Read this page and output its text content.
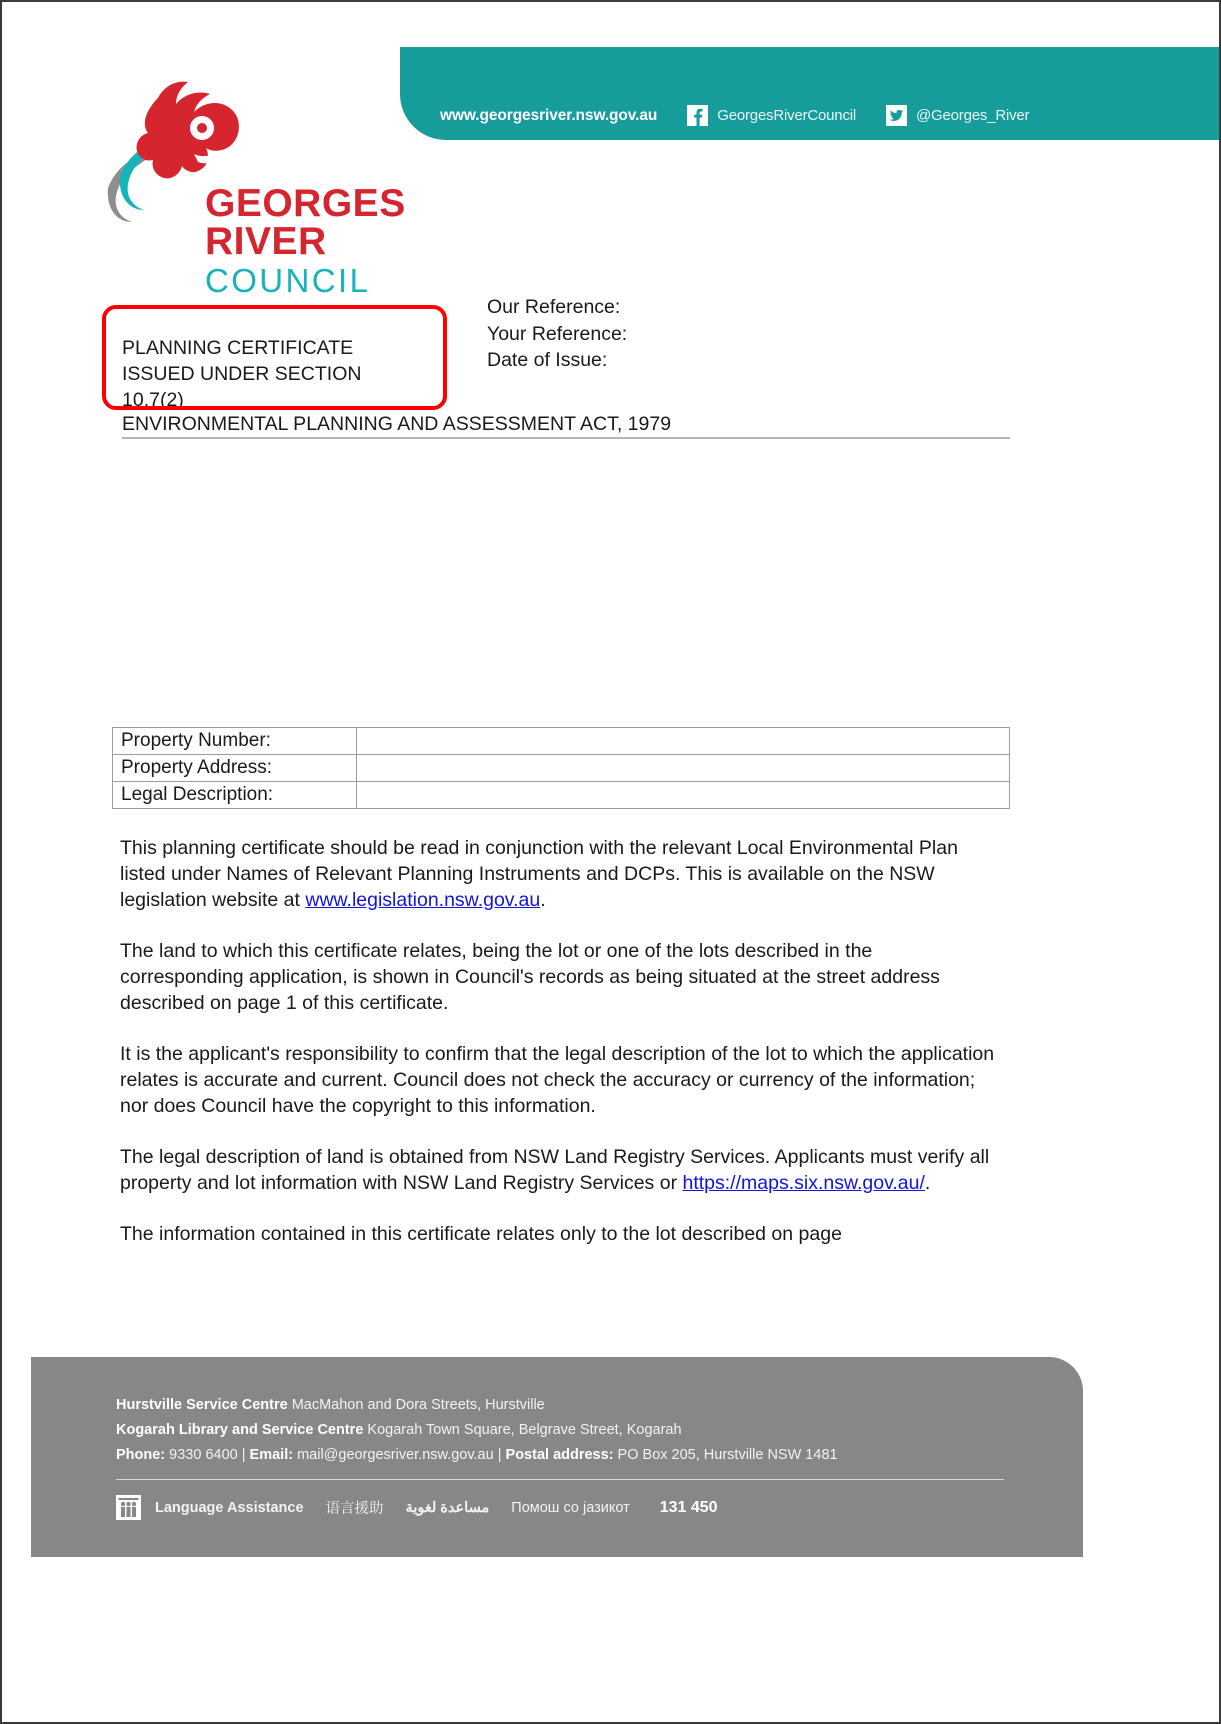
www.georgesriver.nsw.gov.au	GeorgesRiverCouncil	@Georges_River
GEORGES
RIVER
COUNCIL
PLANNING CERTIFICATE
ISSUED UNDER SECTION
10.7(2)
Our Reference:
Your Reference:
Date of Issue:
ENVIRONMENTAL PLANNING AND ASSESSMENT ACT, 1979
Property Number:	
Property Address:	
Legal Description:	

This planning certificate should be read in conjunction with the relevant Local Environmental Plan listed under Names of Relevant Planning Instruments and DCPs. This is available on the NSW legislation website at www.legislation.nsw.gov.au.

The land to which this certificate relates, being the lot or one of the lots described in the corresponding application, is shown in Council's records as being situated at the street address described on page 1 of this certificate.

It is the applicant's responsibility to confirm that the legal description of the lot to which the application relates is accurate and current. Council does not check the accuracy or currency of the information; nor does Council have the copyright to this information.

The legal description of land is obtained from NSW Land Registry Services. Applicants must verify all property and lot information with NSW Land Registry Services or https://maps.six.nsw.gov.au/.

The information contained in this certificate relates only to the lot described on page

Hurstville Service Centre MacMahon and Dora Streets, Hurstville
Kogarah Library and Service Centre Kogarah Town Square, Belgrave Street, Kogarah
Phone: 9330 6400 | Email: mail@georgesriver.nsw.gov.au | Postal address: PO Box 205, Hurstville NSW 1481
Language Assistance 语言援助 مساعدة لغوية Помош со јазикот 131 450
